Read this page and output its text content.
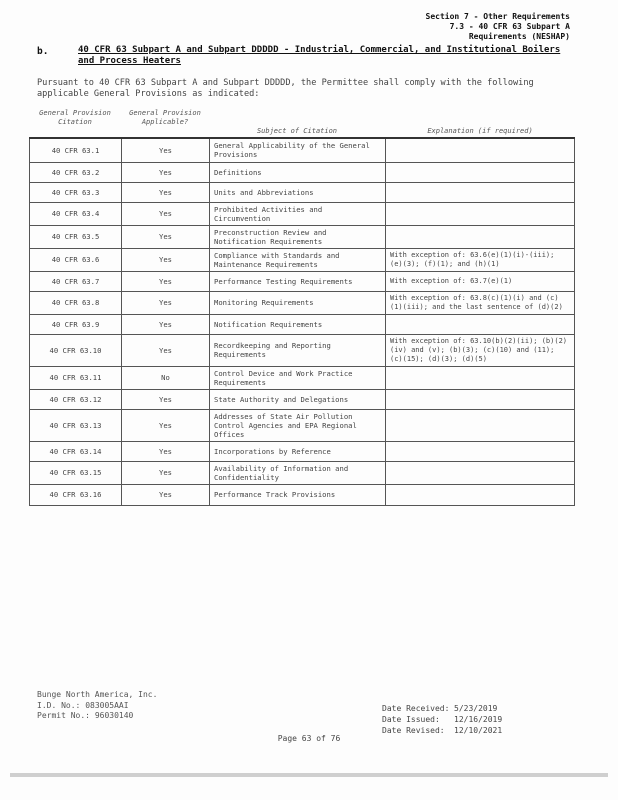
Section 7 - Other Requirements
7.3 - 40 CFR 63 Subpart A
Requirements (NESHAP)
b.	40 CFR 63 Subpart A and Subpart DDDDD - Industrial, Commercial, and Institutional Boilers and Process Heaters
Pursuant to 40 CFR 63 Subpart A and Subpart DDDDD, the Permittee shall comply with the following applicable General Provisions as indicated:
General Provision Citation
General Provision Applicable?
Subject of Citation	Explanation (if required)
40 CFR 63.1	Yes	General Applicability of the General Provisions	
40 CFR 63.2	Yes	Definitions	
40 CFR 63.3	Yes	Units and Abbreviations	
40 CFR 63.4	Yes	Prohibited Activities and Circumvention	
40 CFR 63.5	Yes	Preconstruction Review and Notification Requirements	
40 CFR 63.6	Yes	Compliance with Standards and Maintenance Requirements	With exception of: 63.6(e)(1)(i)-(iii); (e)(3); (f)(1); and (h)(1)
40 CFR 63.7	Yes	Performance Testing Requirements	With exception of: 63.7(e)(1)
40 CFR 63.8	Yes	Monitoring Requirements	With exception of: 63.8(c)(1)(i) and (c)(1)(iii); and the last sentence of (d)(2)
40 CFR 63.9	Yes	Notification Requirements	
40 CFR 63.10	Yes	Recordkeeping and Reporting Requirements	With exception of: 63.10(b)(2)(ii); (b)(2)(iv) and (v); (b)(3); (c)(10) and (11); (c)(15); (d)(3); (d)(5)
40 CFR 63.11	No	Control Device and Work Practice Requirements	
40 CFR 63.12	Yes	State Authority and Delegations	
40 CFR 63.13	Yes	Addresses of State Air Pollution Control Agencies and EPA Regional Offices	
40 CFR 63.14	Yes	Incorporations by Reference	
40 CFR 63.15	Yes	Availability of Information and Confidentiality	
40 CFR 63.16	Yes	Performance Track Provisions	
Bunge North America, Inc.
I.D. No.: 083005AAI
Permit No.: 96030140
Date Received: 5/23/2019
Date Issued:	12/16/2019
Date Revised:	12/10/2021
Page 63 of 76
